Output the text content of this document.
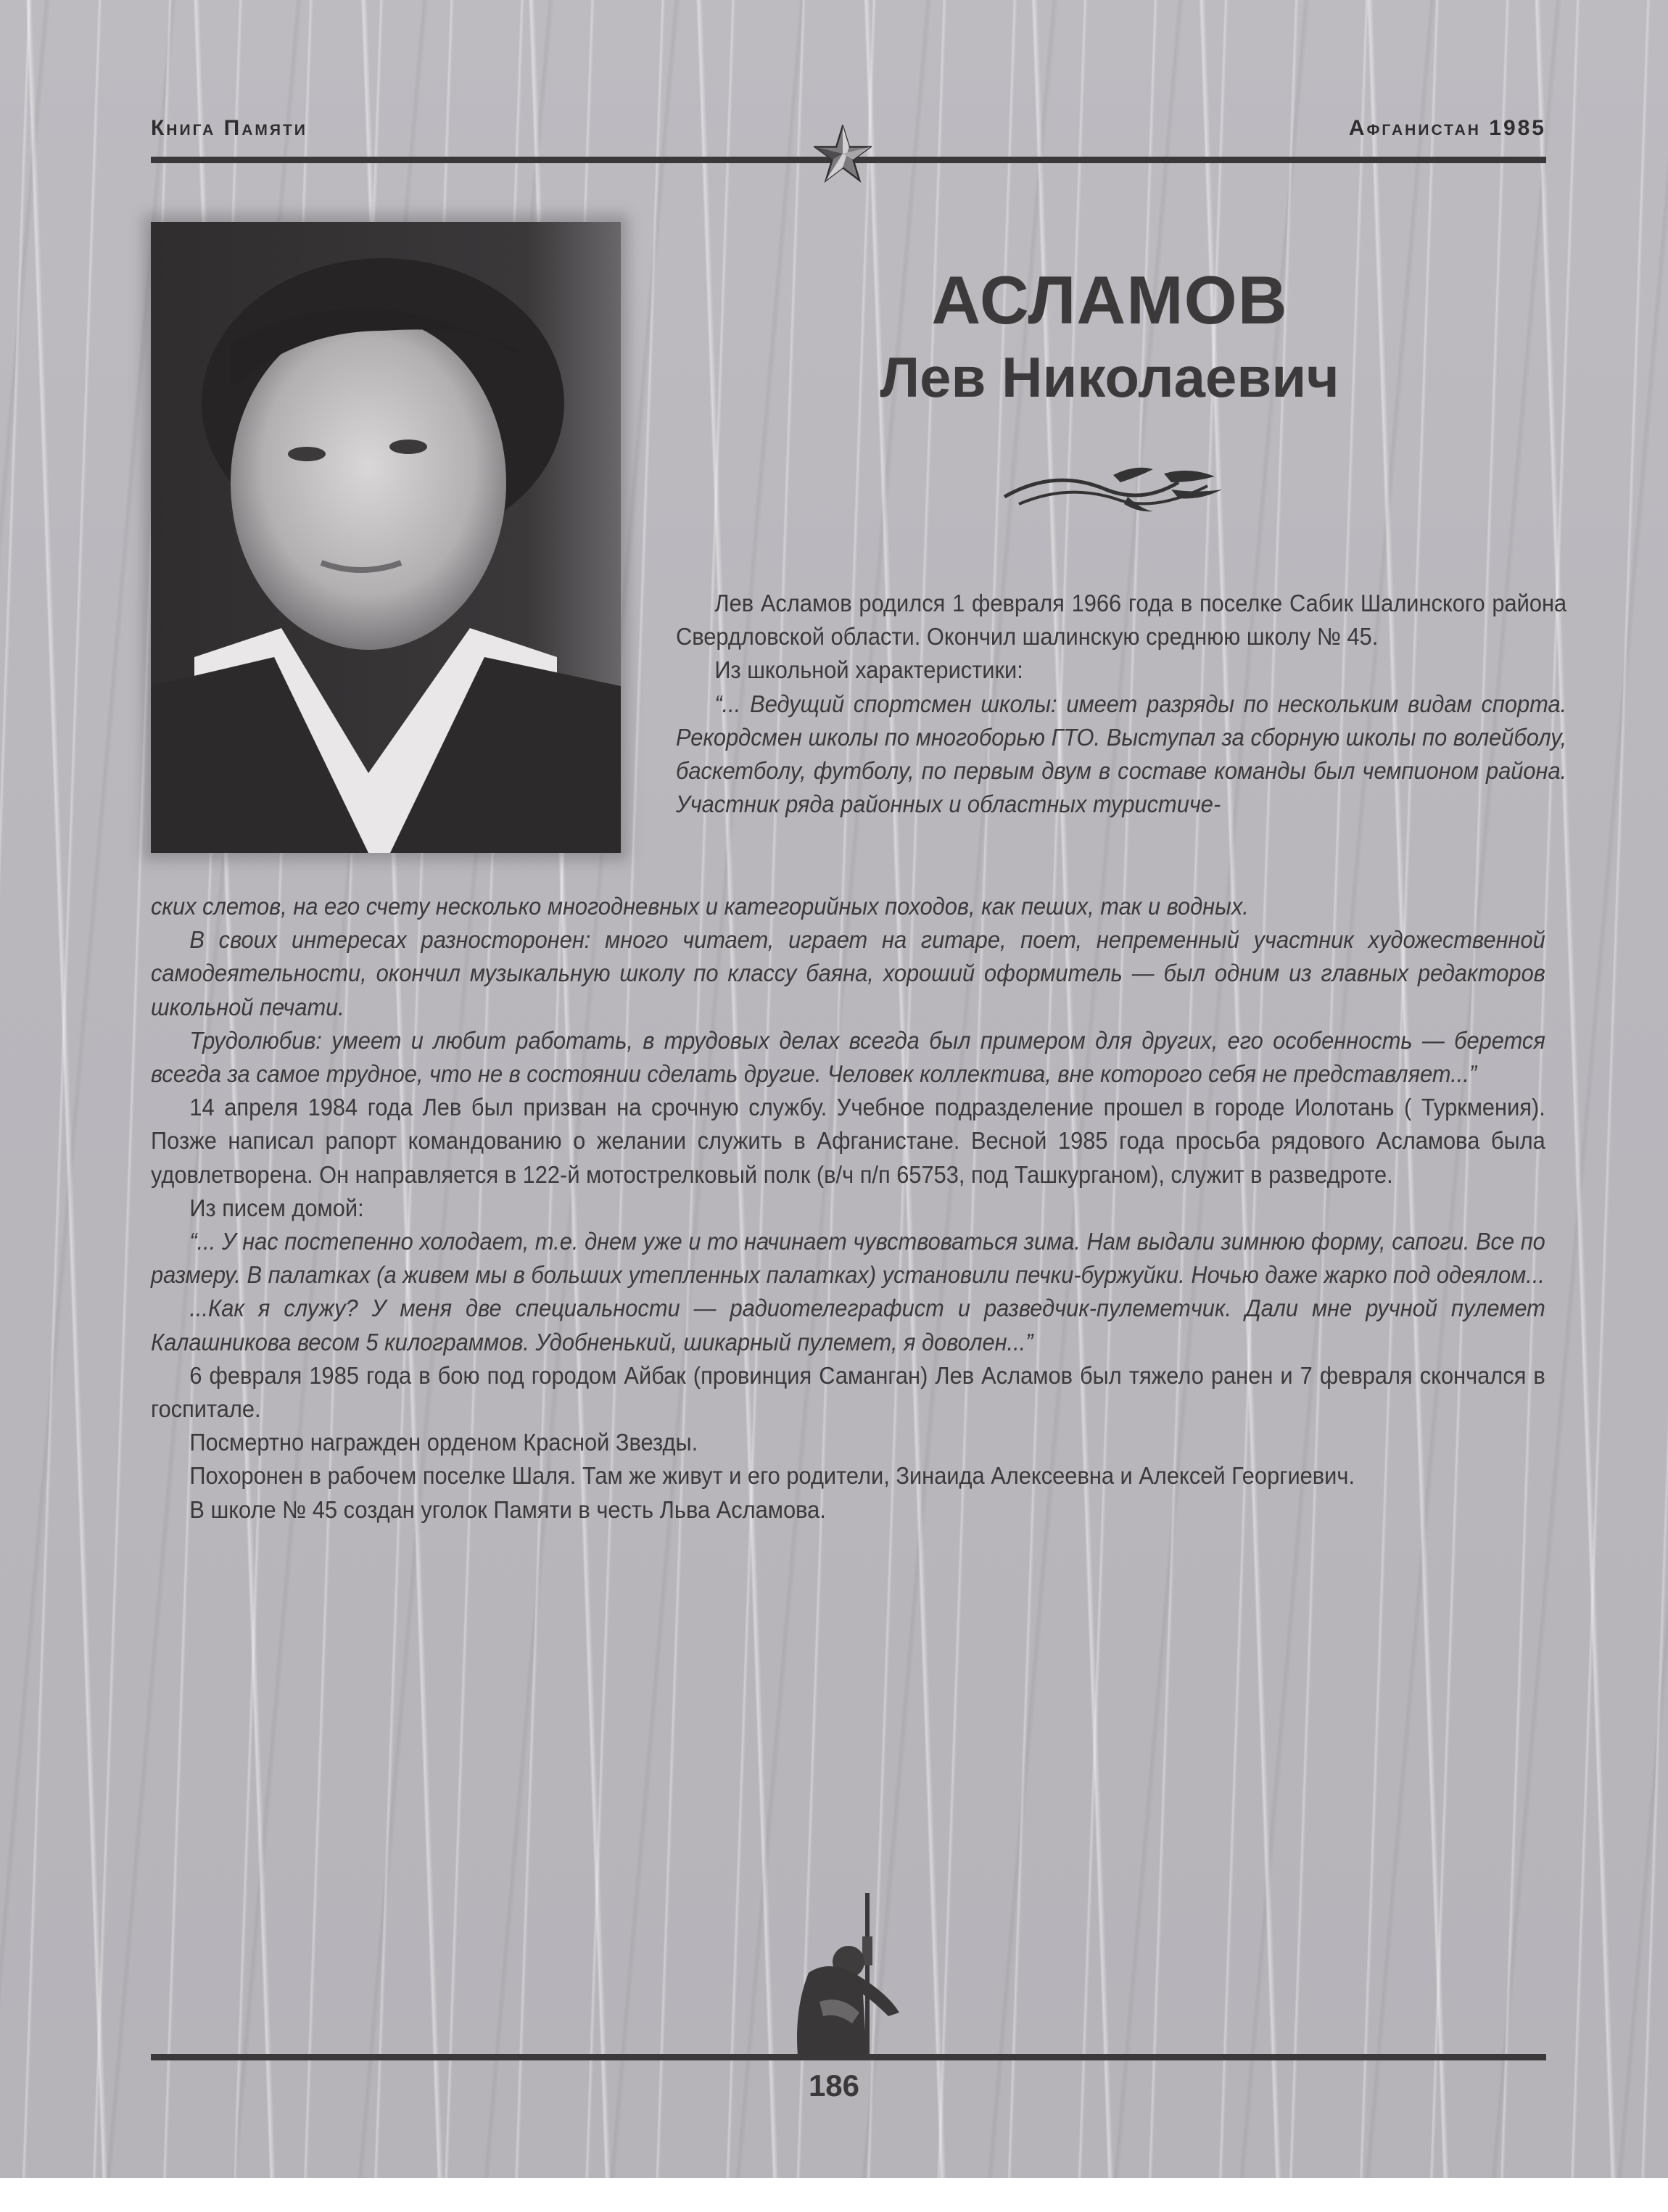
Книга Памяти	Афганистан 1985
АСЛАМОВ
Лев Николаевич

Лев Асламов родился 1 февраля 1966 года в поселке Сабик Шалинского района Свердловской области. Окончил шалинскую среднюю школу № 45.

Из школьной характеристики:

“... Ведущий спортсмен школы: имеет разряды по нескольким видам спорта. Рекордсмен школы по многоборью ГТО. Выступал за сборную школы по волейболу, баскетболу, футболу, по первым двум в составе команды был чемпионом района. Участник ряда районных и областных туристиче-

ских слетов, на его счету несколько многодневных и категорийных походов, как пеших, так и водных.

В своих интересах разносторонен: много читает, играет на гитаре, поет, непременный участник художественной самодеятельности, окончил музыкальную школу по классу баяна, хороший оформитель — был одним из главных редакторов школьной печати.

Трудолюбив: умеет и любит работать, в трудовых делах всегда был примером для других, его особенность — берется всегда за самое трудное, что не в состоянии сделать другие. Человек коллектива, вне которого себя не представляет...”

14 апреля 1984 года Лев был призван на срочную службу. Учебное подразделение прошел в городе Иолотань ( Туркмения). Позже написал рапорт командованию о желании служить в Афганистане. Весной 1985 года просьба рядового Асламова была удовлетворена. Он направляется в 122-й мотострелковый полк (в/ч п/п 65753, под Ташкурганом), служит в разведроте.

Из писем домой:

“... У нас постепенно холодает, т.е. днем уже и то начинает чувствоваться зима. Нам выдали зимнюю форму, сапоги. Все по размеру. В палатках (а живем мы в больших утепленных палатках) установили печки-буржуйки. Ночью даже жарко под одеялом...

...Как я служу? У меня две специальности — радиотелеграфист и разведчик-пулеметчик. Дали мне ручной пулемет Калашникова весом 5 килограммов. Удобненький, шикарный пулемет, я доволен...”

6 февраля 1985 года в бою под городом Айбак (провинция Саманган) Лев Асламов был тяжело ранен и 7 февраля скончался в госпитале.

Посмертно награжден орденом Красной Звезды.

Похоронен в рабочем поселке Шаля. Там же живут и его родители, Зинаида Алексеевна и Алексей Георгиевич.

В школе № 45 создан уголок Памяти в честь Льва Асламова.

186
